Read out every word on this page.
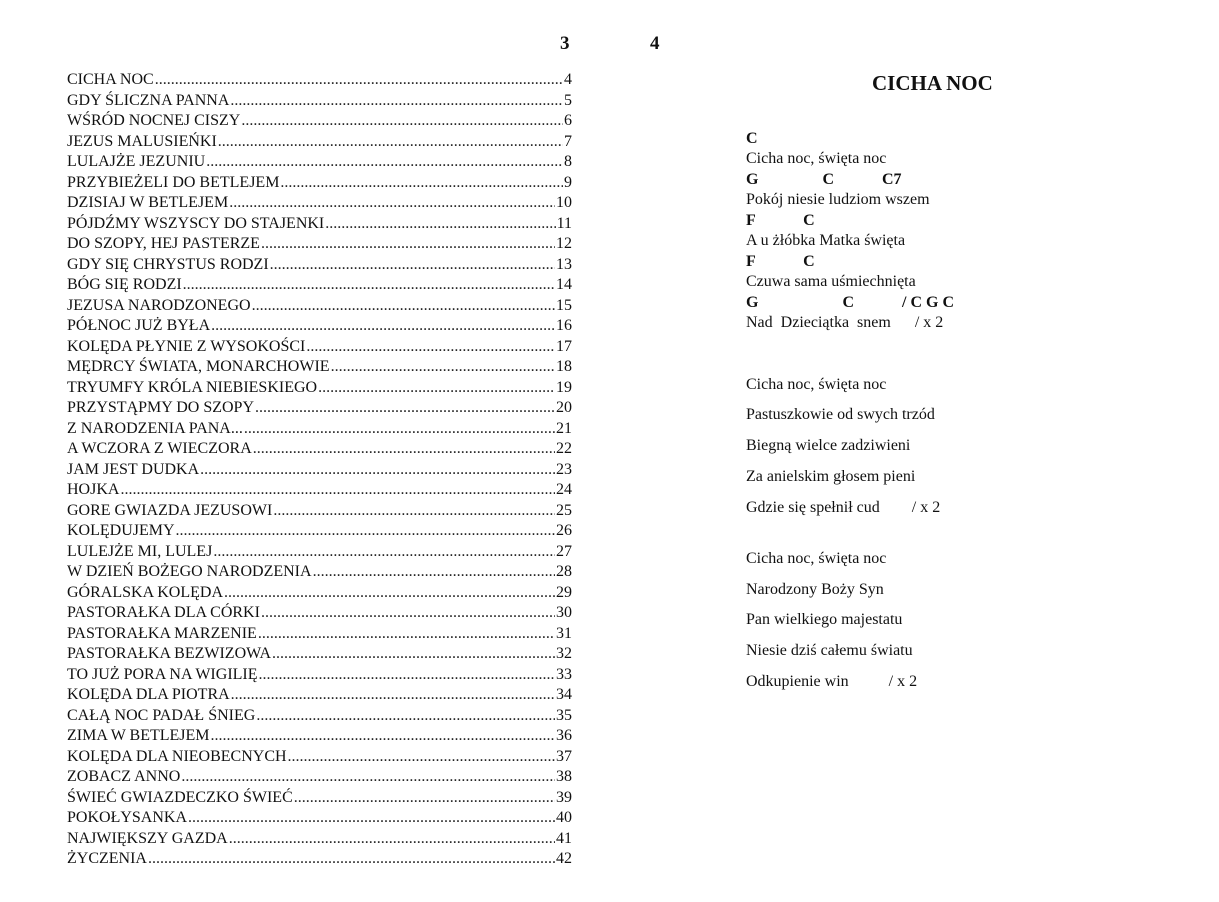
3	4
CICHA NOC .....	4
GDY ŚLICZNA PANNA .....	5
WŚRÓD NOCNEJ CISZY .....	6
JEZUS MALUSIEŃKI .....	7
LULAJŻE JEZUNIU .....	8
PRZYBIEŻELI DO BETLEJEM .....	9
DZISIAJ W BETLEJEM .....	10
PÓJDŹMY WSZYSCY DO STAJENKI .....	11
DO SZOPY, HEJ PASTERZE .....	12
GDY SIĘ CHRYSTUS RODZI .....	13
BÓG SIĘ RODZI .....	14
JEZUSA NARODZONEGO .....	15
PÓŁNOC JUŻ BYŁA .....	16
KOLĘDA PŁYNIE Z WYSOKOŚCI .....	17
MĘDRCY ŚWIATA, MONARCHOWIE .....	18
TRYUMFY KRÓLA NIEBIESKIEGO .....	19
PRZYSTĄPMY DO SZOPY .....	20
Z NARODZENIA PANA... .....	21
A WCZORA Z WIECZORA .....	22
JAM JEST DUDKA .....	23
HOJKA .....	24
GORE GWIAZDA JEZUSOWI .....	25
KOLĘDUJEMY .....	26
LULEJŻE MI, LULEJ .....	27
W DZIEŃ BOŻEGO NARODZENIA .....	28
GÓRALSKA KOLĘDA .....	29
PASTORAŁKA DLA CÓRKI .....	30
PASTORAŁKA MARZENIE .....	31
PASTORAŁKA BEZWIZOWA .....	32
TO JUŻ PORA NA WIGILIĘ .....	33
KOLĘDA DLA PIOTRA .....	34
CAŁĄ NOC PADAŁ ŚNIEG .....	35
ZIMA W BETLEJEM .....	36
KOLĘDA DLA NIEOBECNYCH .....	37
ZOBACZ ANNO .....	38
ŚWIEĆ GWIAZDECZKO ŚWIEĆ .....	39
POKOŁYSANKA .....	40
NAJWIĘKSZY GAZDA .....	41
ŻYCZENIA .....	42
CICHA NOC
C
Cicha noc, święta noc
G                C            C7
Pokój niesie ludziom wszem
F            C
A u żłóbka Matka święta
F            C
Czuwa sama uśmiechnięta
G                     C            / C G C
Nad  Dzieciątka  snem      / x 2
Cicha noc, święta noc
Pastuszkowie od swych trzód
Biegną wielce zadziwieni
Za anielskim głosem pieni
Gdzie się spełnił cud        / x 2
Cicha noc, święta noc
Narodzony Boży Syn
Pan wielkiego majestatu
Niesie dziś całemu światu
Odkupienie win          / x 2
